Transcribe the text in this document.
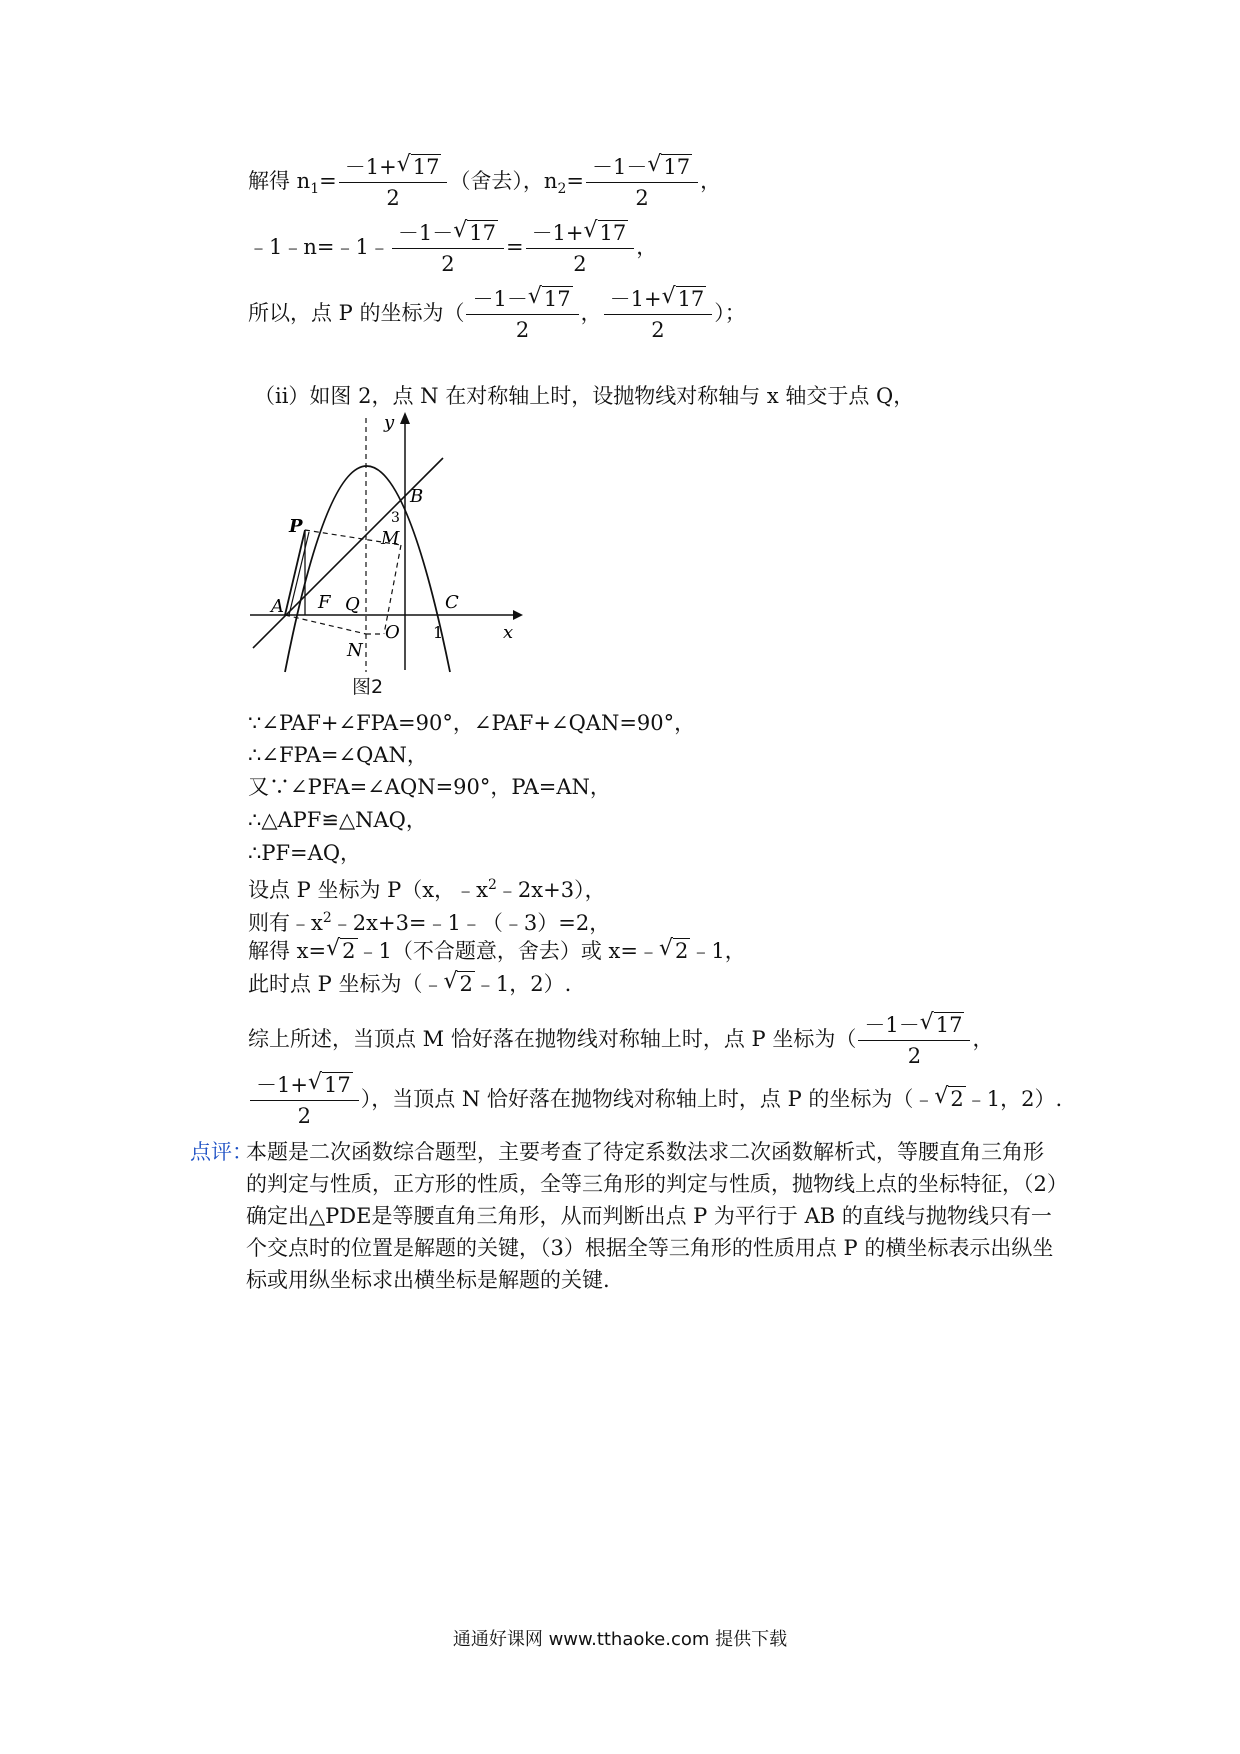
解得 $n_1= \frac{-1+ √ 17}{2}$ （舍去），$n_2= \frac{-1- √ 17}{2}$ ，
﹣1﹣n=﹣1﹣ $\frac{-1- √ 17}{2} = \frac{-1+ √ 17}{2}$ ，
所以，点 P 的坐标为（ $\frac{-1- √ 17}{2}$ ， $\frac{-1+ √ 17}{2}$ ）；
（ii）如图 2，点 N 在对称轴上时，设抛物线对称轴与 x 轴交于点 Q，
y
x
P
B
3
M
A F Q	C
O 1
N
图2
∵∠PAF+∠FPA=90°，∠PAF+∠QAN=90°，
∴∠FPA=∠QAN，
又∵∠PFA=∠AQN=90°，PA=AN，
∴△APF≌△NAQ，
∴PF=AQ，
设点 P 坐标为 P（x，$﹣x^2﹣2x+3$），
则有$﹣x^2﹣2x+3=﹣1﹣(﹣3)=2$，
解得 x= √ 2﹣1（不合题意，舍去）或 x=﹣ √ 2﹣1，
此时点 P 坐标为（﹣ √ 2﹣1，2）.
综上所述，当顶点 M 恰好落在抛物线对称轴上时，点 P 坐标为（ $\frac{-1- √ 17}{2}$ ，
$\frac{-1+ √ 17}{2}$ ），当顶点 N 恰好落在抛物线对称轴上时，点 P 的坐标为（﹣ √ 2﹣1，2）.
点评：
本题是二次函数综合题型，主要考查了待定系数法求二次函数解析式，等腰直角三角形的判定与性质，正方形的性质，全等三角形的判定与性质，抛物线上点的坐标特征，（2）确定出△PDE是等腰直角三角形，从而判断出点 P 为平行于 AB 的直线与抛物线只有一个交点时的位置是解题的关键，（3）根据全等三角形的性质用点 P 的横坐标表示出纵坐标或用纵坐标求出横坐标是解题的关键.
通通好课网 www.tthaoke.com 提供下载
